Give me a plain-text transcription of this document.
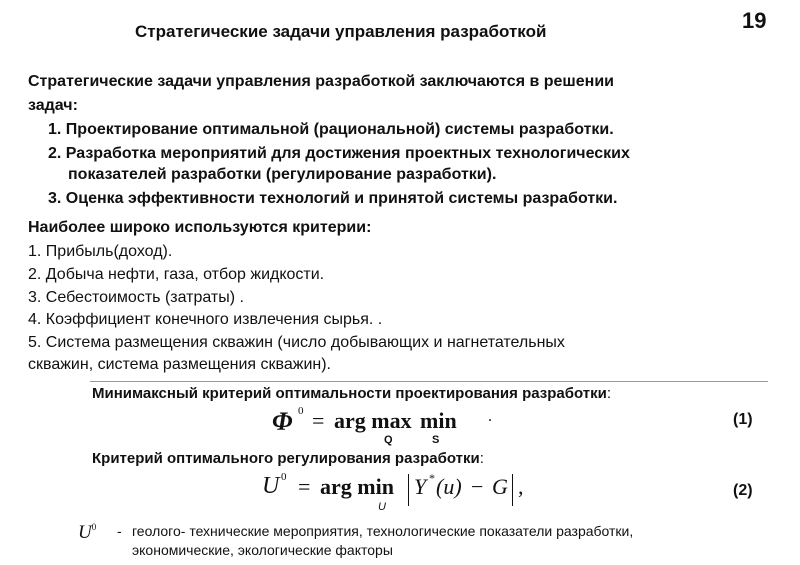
Стратегические задачи управления разработкой	19
Стратегические задачи управления разработкой заключаются в решении
задач:
1. Проектирование оптимальной (рациональной) системы разработки.
2. Разработка мероприятий для достижения проектных технологических
показателей разработки (регулирование разработки).
3. Оценка эффективности технологий и принятой системы разработки.
Наиболее широко используются критерии:
1. Прибыль(доход).
2. Добыча нефти, газа, отбор жидкости.
3. Себестоимость (затраты) .
4. Коэффициент конечного извлечения сырья. .
5. Система размещения скважин (число добывающих и нагнетательных
скважин, система размещения скважин).
Минимаксный критерий оптимальности проектирования разработки:
Φ 0 = arg max
Q
min
S
.	(1)
Критерий оптимального регулирования разработки:
U 0 = arg min
U
Y * (u) − G ,	(2)
$U^0$ - геолого- технические мероприятия, технологические показатели разработки,
экономические, экологические факторы
